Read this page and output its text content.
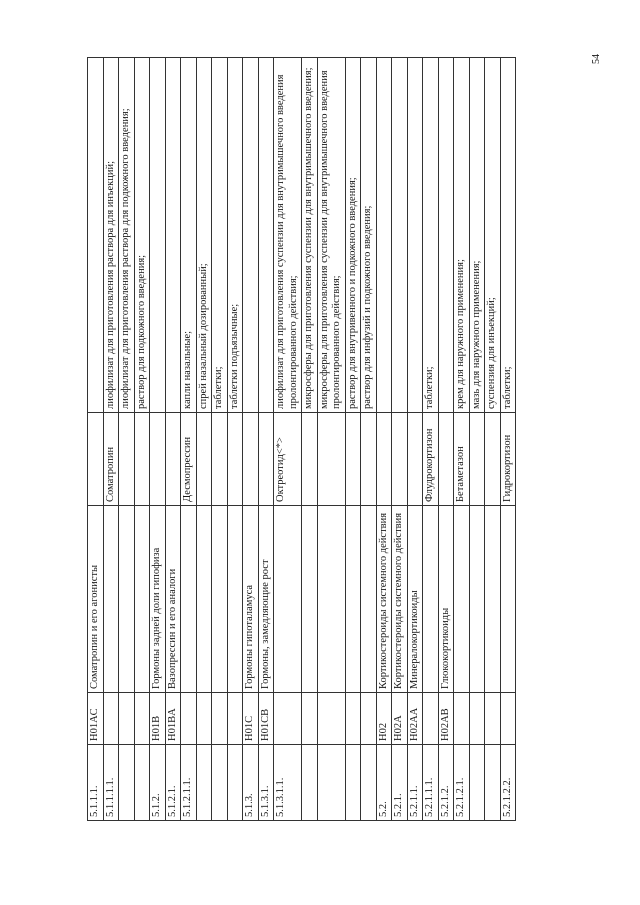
54
5.1.1.1.	H01AC	Соматропин и его агонисты		
5.1.1.1.1.			Соматропин	лиофилизат для приготовления раствора для инъекций;
				лиофилизат для приготовления раствора для подкожного введения;
				раствор для подкожного введения;
5.1.2.	H01B	Гормоны задней доли гипофиза		
5.1.2.1.	H01BA	Вазопрессин и его аналоги		
5.1.2.1.1.			Десмопрессин	капли назальные;
				спрей назальный дозированный;
				таблетки;
				таблетки подъязычные;
5.1.3.	H01C	Гормоны гипоталамуса		
5.1.3.1.	H01CB	Гормоны, замедляющие рост		
5.1.3.1.1.			Октреотид<*>	лиофилизат для приготовления суспензии для внутримышечного введения пролонгированного действия;
				микросферы для приготовления суспензии для внутримышечного введения;
				микросферы для приготовления суспензии для внутримышечного введения пролонгированного действия;
				раствор для внутривенного и подкожного введения;
				раствор для инфузий и подкожного введения;
5.2.	H02	Кортикостероиды системного действия		
5.2.1.	H02A	Кортикостероиды системного действия		
5.2.1.1.	H02AA	Минералокортикоиды		
5.2.1.1.1.			Флудрокортизон	таблетки;
5.2.1.2.	H02AB	Глюкокортикоиды		
5.2.1.2.1.			Бетаметазон	крем для наружного применения;
				мазь для наружного применения;
				суспензия для инъекций;
5.2.1.2.2.			Гидрокортизон	таблетки;
